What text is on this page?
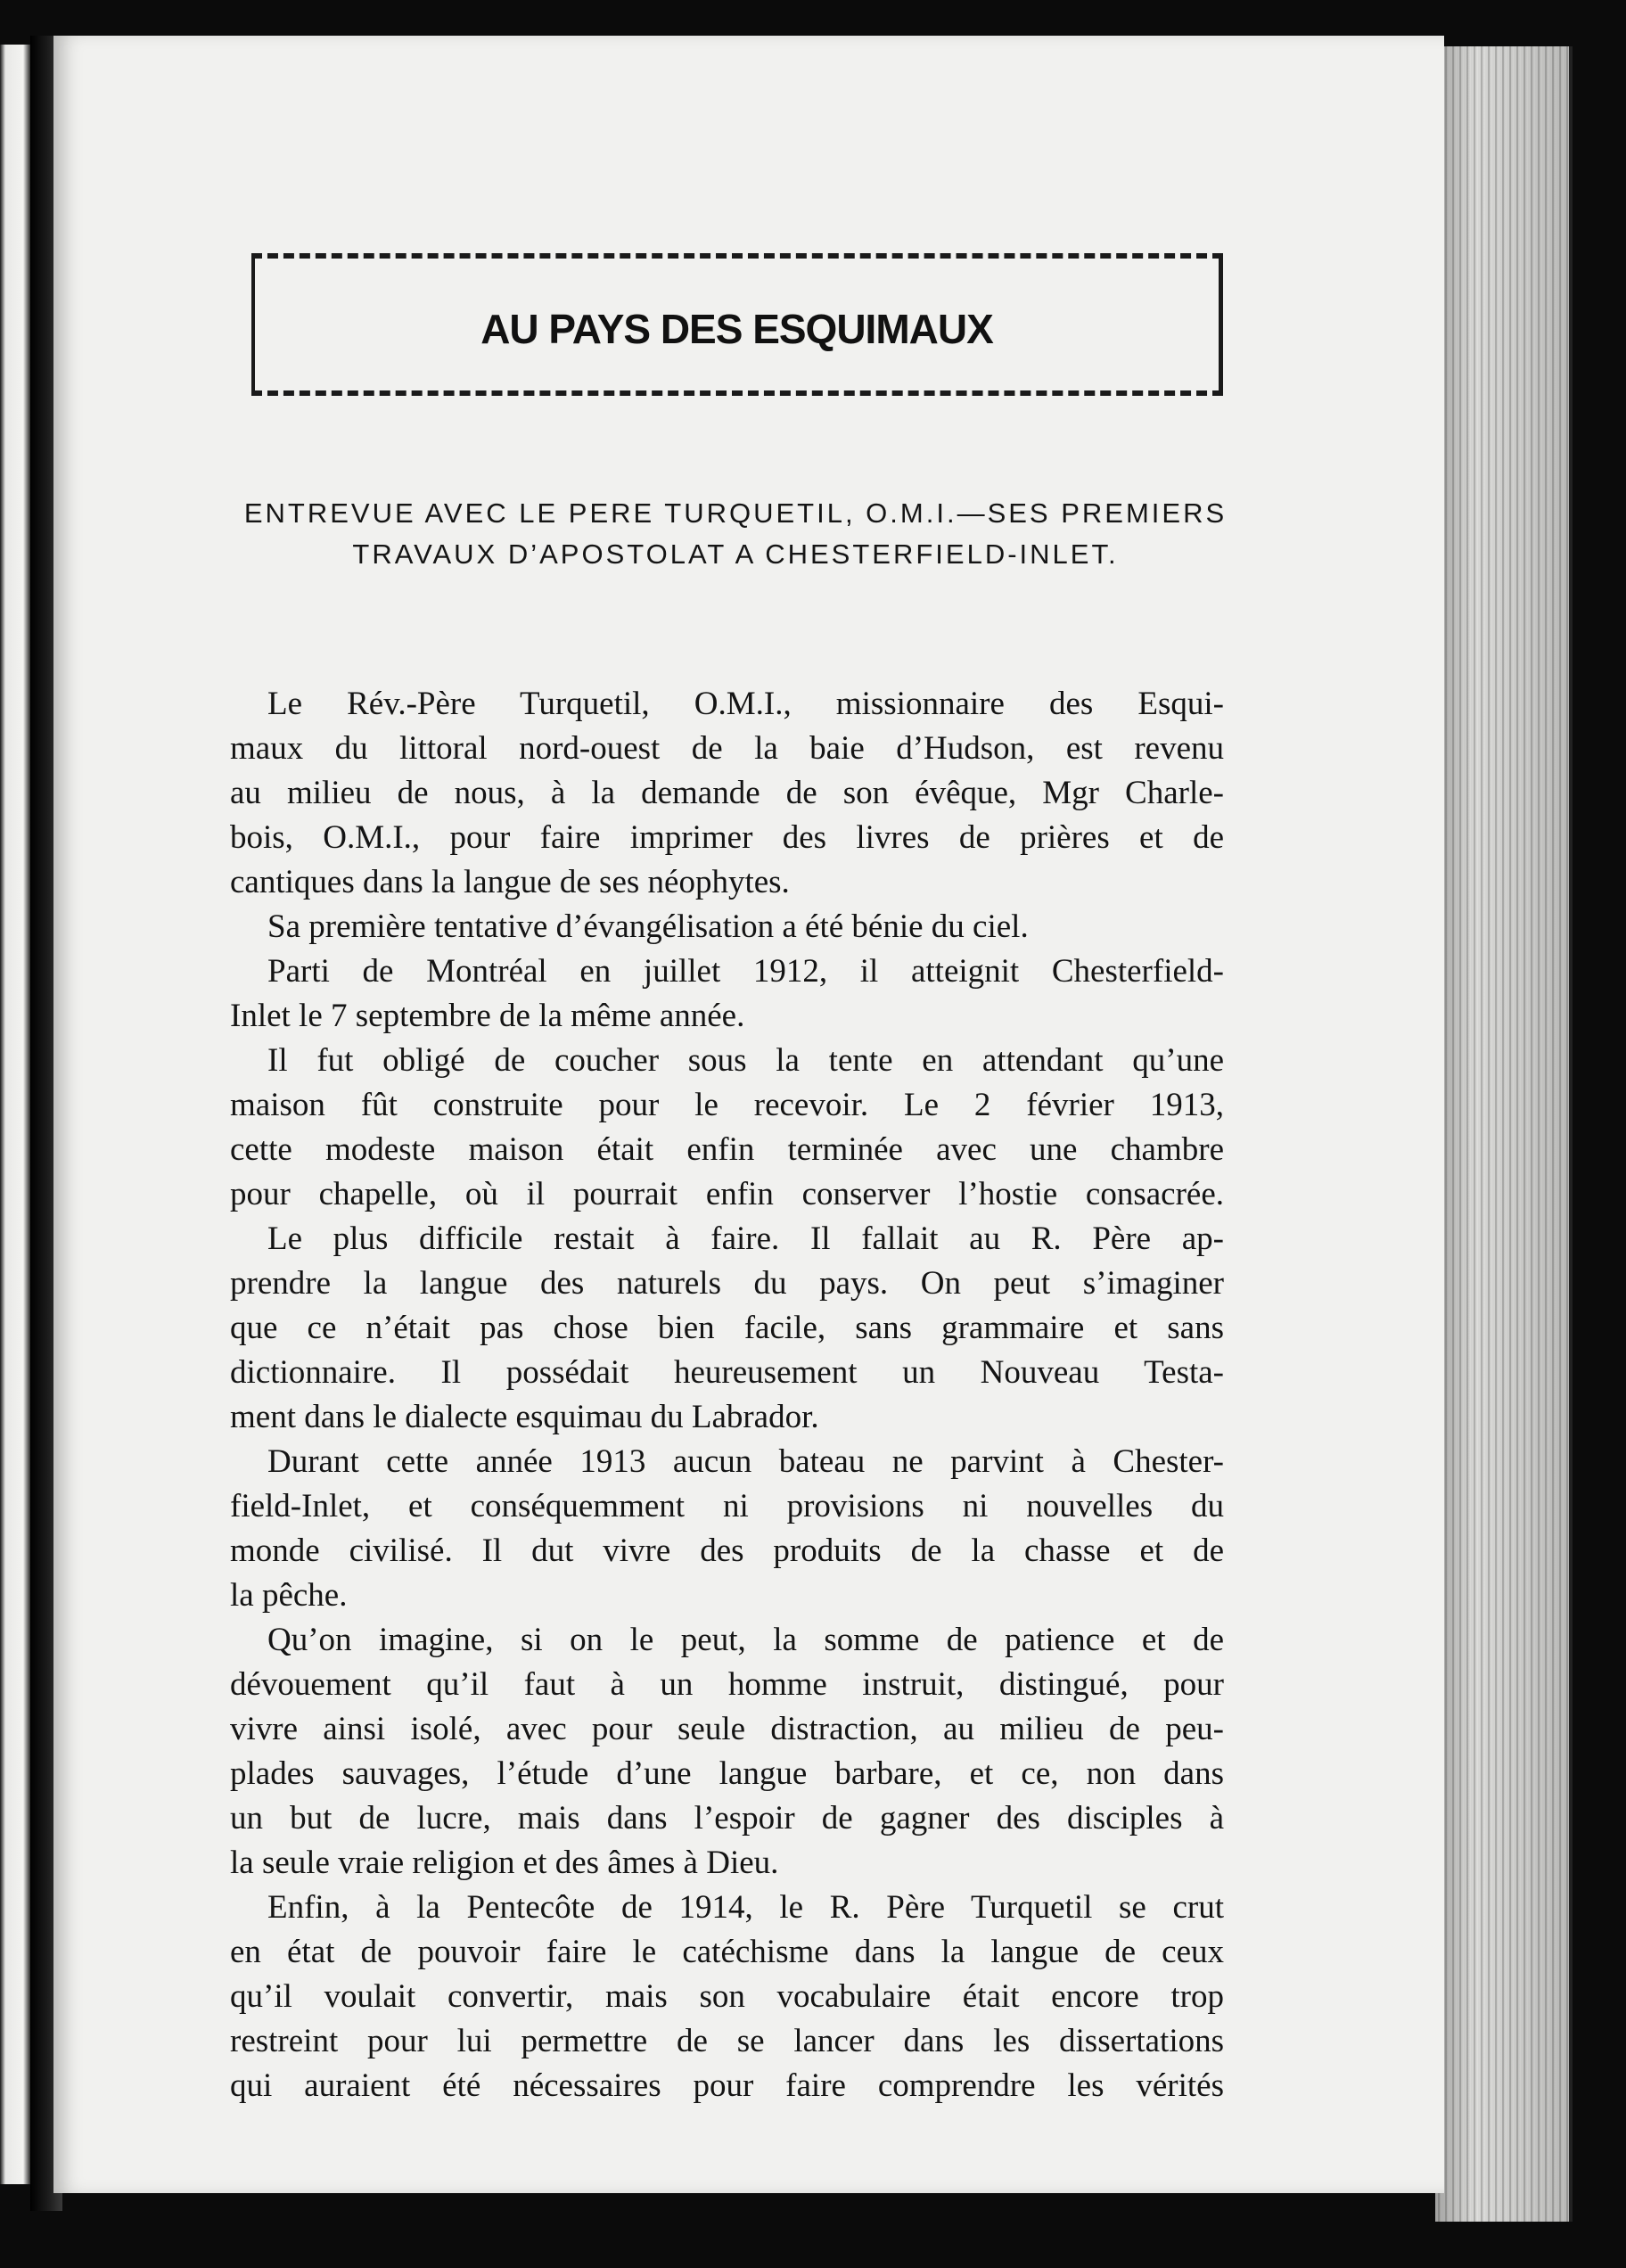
AU PAYS DES ESQUIMAUX
ENTREVUE AVEC LE PERE TURQUETIL, O.M.I.—SES PREMIERS
TRAVAUX D’APOSTOLAT A CHESTERFIELD-INLET.
Le Rév.-Père Turquetil, O.M.I., missionnaire des Esqui-
maux du littoral nord-ouest de la baie d’Hudson, est revenu
au milieu de nous, à la demande de son évêque, Mgr Charle-
bois, O.M.I., pour faire imprimer des livres de prières et de
cantiques dans la langue de ses néophytes.
Sa première tentative d’évangélisation a été bénie du ciel.
Parti de Montréal en juillet 1912, il atteignit Chesterfield-
Inlet le 7 septembre de la même année.
Il fut obligé de coucher sous la tente en attendant qu’une
maison fût construite pour le recevoir. Le 2 février 1913,
cette modeste maison était enfin terminée avec une chambre
pour chapelle, où il pourrait enfin conserver l’hostie consacrée.
Le plus difficile restait à faire. Il fallait au R. Père ap-
prendre la langue des naturels du pays. On peut s’imaginer
que ce n’était pas chose bien facile, sans grammaire et sans
dictionnaire. Il possédait heureusement un Nouveau Testa-
ment dans le dialecte esquimau du Labrador.
Durant cette année 1913 aucun bateau ne parvint à Chester-
field-Inlet, et conséquemment ni provisions ni nouvelles du
monde civilisé. Il dut vivre des produits de la chasse et de
la pêche.
Qu’on imagine, si on le peut, la somme de patience et de
dévouement qu’il faut à un homme instruit, distingué, pour
vivre ainsi isolé, avec pour seule distraction, au milieu de peu-
plades sauvages, l’étude d’une langue barbare, et ce, non dans
un but de lucre, mais dans l’espoir de gagner des disciples à
la seule vraie religion et des âmes à Dieu.
Enfin, à la Pentecôte de 1914, le R. Père Turquetil se crut
en état de pouvoir faire le catéchisme dans la langue de ceux
qu’il voulait convertir, mais son vocabulaire était encore trop
restreint pour lui permettre de se lancer dans les dissertations
qui auraient été nécessaires pour faire comprendre les vérités
